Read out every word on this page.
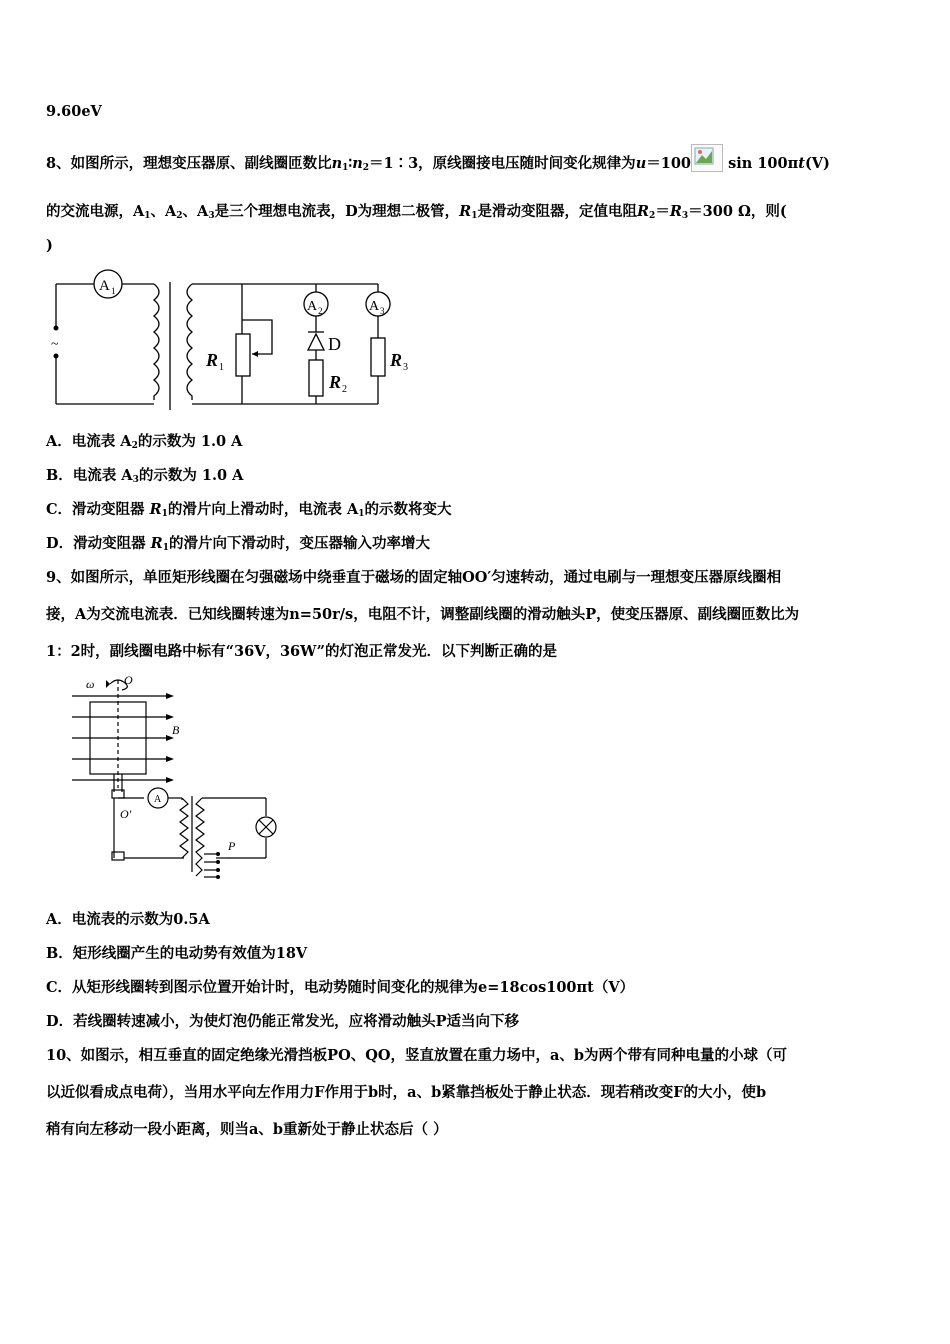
9.60eV
8、如图所示，理想变压器原、副线圈匝数比$n_1∶n_2=1∶3$，原线圈接电压随时间变化规律为u＝100	sin 100πt(V)
的交流电源，$A_1$、$A_2$、$A_3$是三个理想电流表，D为理想二极管，$R_1$是滑动变阻器，定值电阻$R_2=R_3=300$ Ω，则(
)
~
A 1
A 2	A 3
D
R 1
R 2
R 3
A．电流表 $A_2$的示数为 1.0 A
B．电流表 $A_3$的示数为 1.0 A
C．滑动变阻器 $R_1$的滑片向上滑动时，电流表 $A_1$的示数将变大
D．滑动变阻器 $R_1$的滑片向下滑动时，变压器输入功率增大
9、如图所示，单匝矩形线圈在匀强磁场中绕垂直于磁场的固定轴OO′匀速转动，通过电刷与一理想变压器原线圈相
接，A为交流电流表．已知线圈转速为n=50r/s，电阻不计，调整副线圈的滑动触头P，使变压器原、副线圈匝数比为
1：2时，副线圈电路中标有“36V，36W”的灯泡正常发光．以下判断正确的是
ω O
B
A
O′
P
A．电流表的示数为0.5A
B．矩形线圈产生的电动势有效值为18V
C．从矩形线圈转到图示位置开始计时，电动势随时间变化的规律为e=18cos100πt（V）
D．若线圈转速减小，为使灯泡仍能正常发光，应将滑动触头P适当向下移
10、如图示，相互垂直的固定绝缘光滑挡板PO、QO，竖直放置在重力场中，a、b为两个带有同种电量的小球（可
以近似看成点电荷），当用水平向左作用力F作用于b时，a、b紧靠挡板处于静止状态．现若稍改变F的大小，使b
稍有向左移动一段小距离，则当a、b重新处于静止状态后（ ）
